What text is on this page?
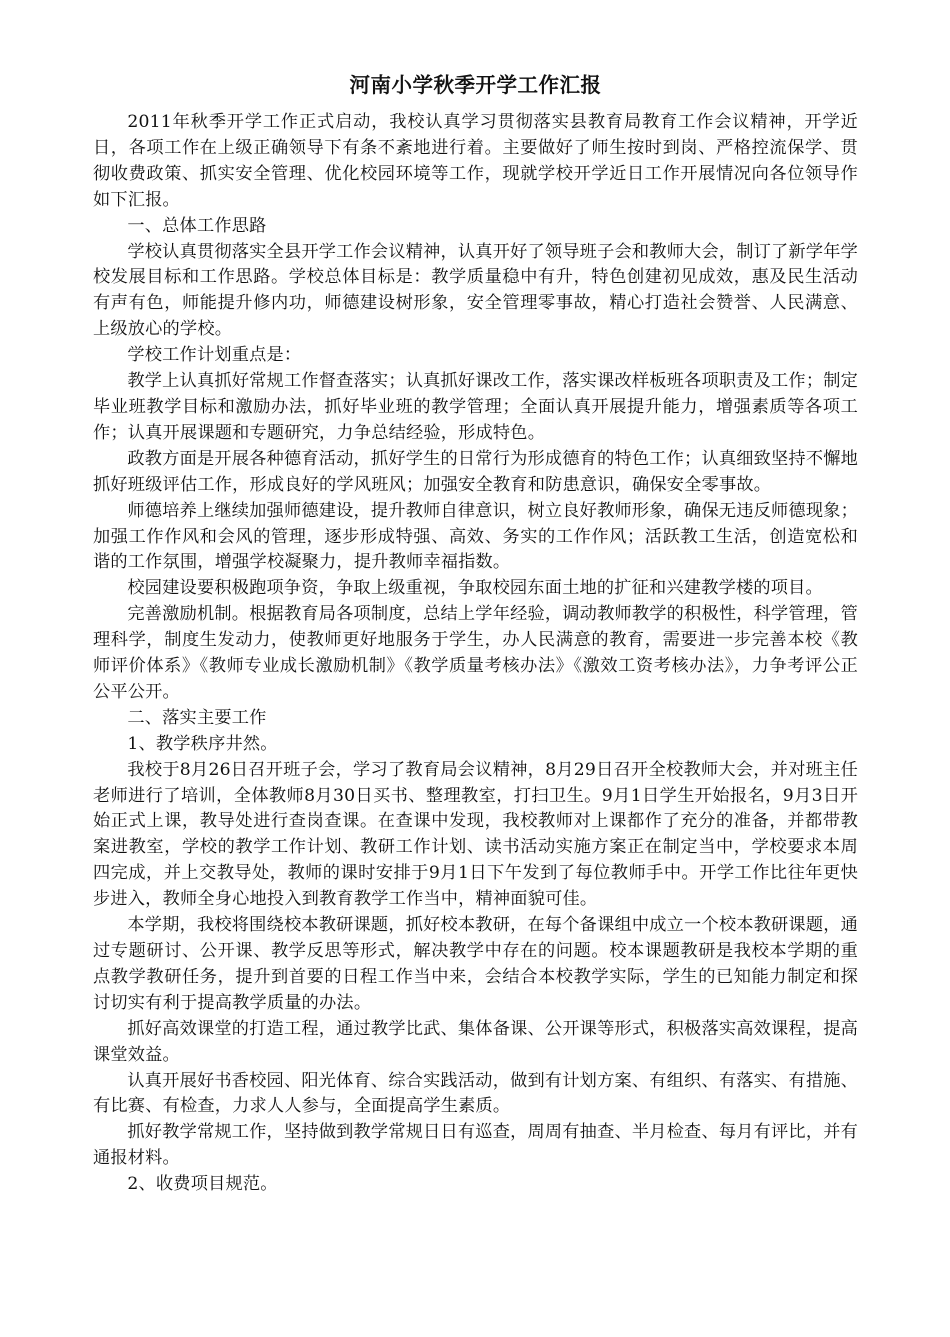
河南小学秋季开学工作汇报

2011年秋季开学工作正式启动，我校认真学习贯彻落实县教育局教育工作会议精神，开学近日，各项工作在上级正确领导下有条不紊地进行着。主要做好了师生按时到岗、严格控流保学、贯彻收费政策、抓实安全管理、优化校园环境等工作，现就学校开学近日工作开展情况向各位领导作如下汇报。

一、总体工作思路

学校认真贯彻落实全县开学工作会议精神，认真开好了领导班子会和教师大会，制订了新学年学校发展目标和工作思路。学校总体目标是：教学质量稳中有升，特色创建初见成效，惠及民生活动有声有色，师能提升修内功，师德建设树形象，安全管理零事故，精心打造社会赞誉、人民满意、上级放心的学校。

学校工作计划重点是：

教学上认真抓好常规工作督查落实；认真抓好课改工作，落实课改样板班各项职责及工作；制定毕业班教学目标和激励办法，抓好毕业班的教学管理；全面认真开展提升能力，增强素质等各项工作；认真开展课题和专题研究，力争总结经验，形成特色。

政教方面是开展各种德育活动，抓好学生的日常行为形成德育的特色工作；认真细致坚持不懈地抓好班级评估工作，形成良好的学风班风；加强安全教育和防患意识，确保安全零事故。

师德培养上继续加强师德建设，提升教师自律意识，树立良好教师形象，确保无违反师德现象；加强工作作风和会风的管理，逐步形成特强、高效、务实的工作作风；活跃教工生活，创造宽松和谐的工作氛围，增强学校凝聚力，提升教师幸福指数。

校园建设要积极跑项争资，争取上级重视，争取校园东面土地的扩征和兴建教学楼的项目。

完善激励机制。根据教育局各项制度，总结上学年经验，调动教师教学的积极性，科学管理，管理科学，制度生发动力，使教师更好地服务于学生，办人民满意的教育，需要进一步完善本校《教师评价体系》《教师专业成长激励机制》《教学质量考核办法》《激效工资考核办法》，力争考评公正公平公开。

二、落实主要工作

1、教学秩序井然。

我校于8月26日召开班子会，学习了教育局会议精神，8月29日召开全校教师大会，并对班主任老师进行了培训，全体教师8月30日买书、整理教室，打扫卫生。9月1日学生开始报名，9月3日开始正式上课，教导处进行查岗查课。在查课中发现，我校教师对上课都作了充分的准备，并都带教案进教室，学校的教学工作计划、教研工作计划、读书活动实施方案正在制定当中，学校要求本周四完成，并上交教导处，教师的课时安排于9月1日下午发到了每位教师手中。开学工作比往年更快步进入，教师全身心地投入到教育教学工作当中，精神面貌可佳。

本学期，我校将围绕校本教研课题，抓好校本教研，在每个备课组中成立一个校本教研课题，通过专题研讨、公开课、教学反思等形式，解决教学中存在的问题。校本课题教研是我校本学期的重点教学教研任务，提升到首要的日程工作当中来，会结合本校教学实际，学生的已知能力制定和探讨切实有利于提高教学质量的办法。

抓好高效课堂的打造工程，通过教学比武、集体备课、公开课等形式，积极落实高效课程，提高课堂效益。

认真开展好书香校园、阳光体育、综合实践活动，做到有计划方案、有组织、有落实、有措施、有比赛、有检查，力求人人参与，全面提高学生素质。

抓好教学常规工作，坚持做到教学常规日日有巡查，周周有抽查、半月检查、每月有评比，并有通报材料。

2、收费项目规范。
